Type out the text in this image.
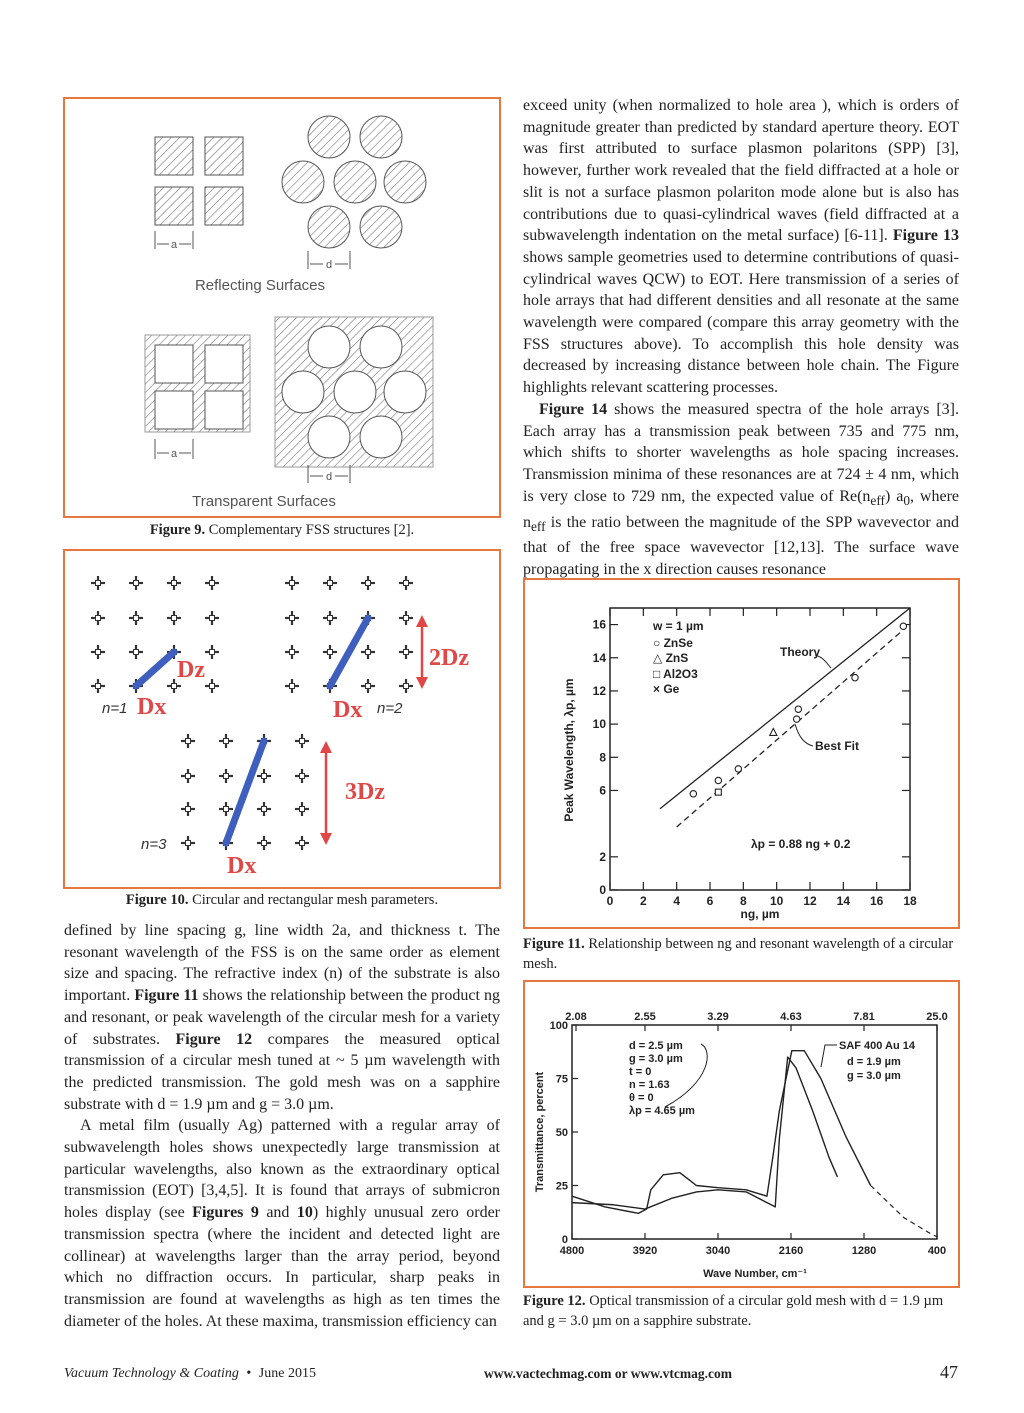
a
d
Reflecting Surfaces
a
d
Transparent Surfaces
Figure 9. Complementary FSS structures [2].
n=1 Dx
Dz
Dx n=2
2Dz
n=3
Dx
3Dz
Figure 10. Circular and rectangular mesh parameters.

defined by line spacing g, line width 2a, and thickness t. The resonant wavelength of the FSS is on the same order as element size and spacing. The refractive index (n) of the substrate is also important. Figure 11 shows the relationship between the product ng and resonant, or peak wavelength of the circular mesh for a variety of substrates. Figure 12 compares the measured optical transmission of a circular mesh tuned at ~ 5 µm wavelength with the predicted transmission. The gold mesh was on a sapphire substrate with d = 1.9 µm and g = 3.0 µm.

A metal film (usually Ag) patterned with a regular array of subwavelength holes shows unexpectedly large transmission at particular wavelengths, also known as the extraordinary optical transmission (EOT) [3,4,5]. It is found that arrays of submicron holes display (see Figures 9 and 10) highly unusual zero order transmission spectra (where the incident and detected light are collinear) at wavelengths larger than the array period, beyond which no diffraction occurs. In particular, sharp peaks in transmission are found at wavelengths as high as ten times the diameter of the holes. At these maxima, transmission efficiency can

exceed unity (when normalized to hole area ), which is orders of magnitude greater than predicted by standard aperture theory. EOT was first attributed to surface plasmon polaritons (SPP) [3], however, further work revealed that the field diffracted at a hole or slit is not a surface plasmon polariton mode alone but is also has contributions due to quasi-cylindrical waves (field diffracted at a subwavelength indentation on the metal surface) [6-11]. Figure 13 shows sample geometries used to determine contributions of quasi-cylindrical waves QCW) to EOT. Here transmission of a series of hole arrays that had different densities and all resonate at the same wavelength were compared (compare this array geometry with the FSS structures above). To accomplish this hole density was decreased by increasing distance between hole chain. The Figure highlights relevant scattering processes.

Figure 14 shows the measured spectra of the hole arrays [3]. Each array has a transmission peak between 735 and 775 nm, which shifts to shorter wavelengths as hole spacing increases. Transmission minima of these resonances are at 724 ± 4 nm, which is very close to 729 nm, the expected value of $Re(n_{eff})$ $a_0$, where $n_{eff}$ is the ratio between the magnitude of the SPP wavevector and that of the free space wavevector [12,13]. The surface wave propagating in the x direction causes resonance

0 2 4 6 8 10 12 14 16 18
0
2
6
8
10
12
14
16	w = 1 µm
○ ZnSe
△ ZnS
□ Al2O3
× Ge
Theory
Best Fit
λp = 0.88 ng + 0.2
ng, µm
Peak Wavelength, λp, µm
Figure 11. Relationship between ng and resonant wavelength of a circular mesh.
4800	3920	3040	2160	1280	400
2.08	2.55	3.29	4.63	7.81	25.0
0
25
50
75
100
d = 2.5 µm
g = 3.0 µm
t = 0
n = 1.63
θ = 0
λp = 4.65 µm
SAF 400 Au 14
d = 1.9 µm
g = 3.0 µm
Wave Number, cm⁻¹
Transmittance, percent
Figure 12. Optical transmission of a circular gold mesh with d = 1.9 µm and g = 3.0 µm on a sapphire substrate.
Vacuum Technology & Coating • June 2015	www.vactechmag.com or www.vtcmag.com	47
